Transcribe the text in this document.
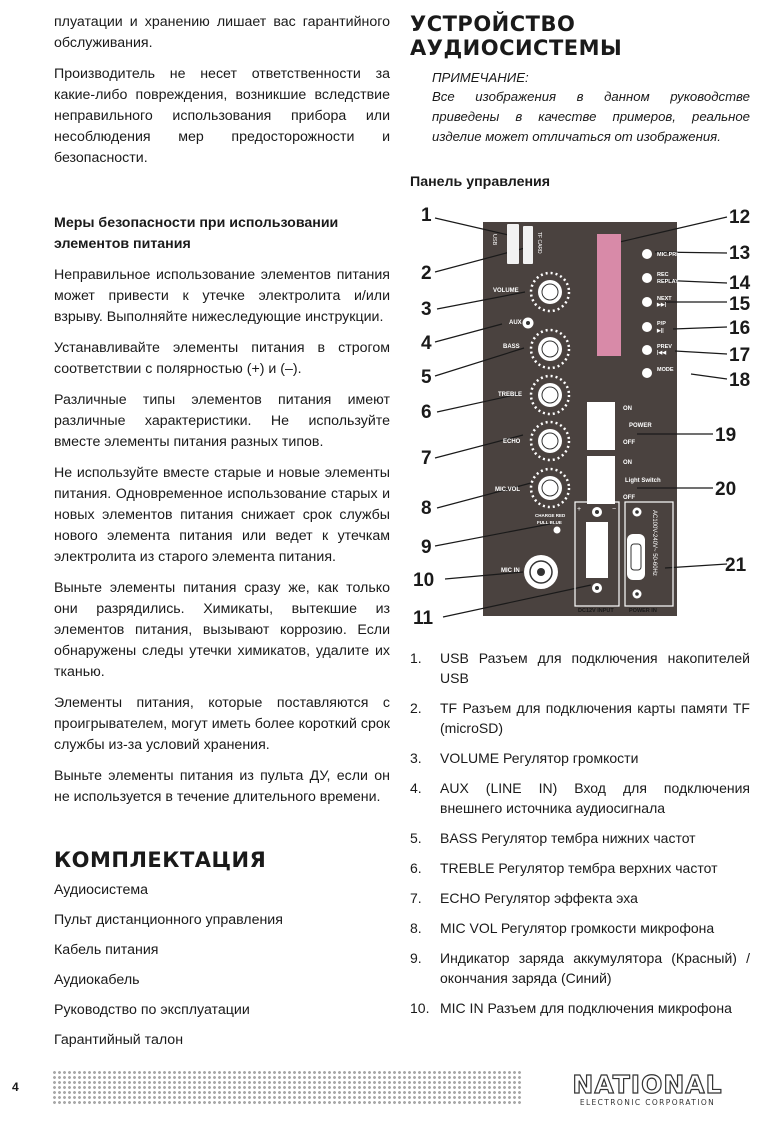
плуатации и хранению лишает вас гарантийного обслуживания.

Производитель не несет ответственности за какие-либо повреждения, возникшие вследствие неправильного использования прибора или несоблюдения мер предосторожности и безопасности.

Меры безопасности при использовании элементов питания

Неправильное использование элементов питания может привести к утечке электролита и/или взрыву. Выполняйте нижеследующие инструкции.

Устанавливайте элементы питания в строгом соответствии с полярностью (+) и (–).

Различные типы элементов питания имеют различные характеристики. Не используйте вместе элементы питания разных типов.

Не используйте вместе старые и новые элементы питания. Одновременное использование старых и новых элементов питания снижает срок службы нового элемента питания или ведет к утечкам электролита из старого элемента питания.

Выньте элементы питания сразу же, как только они разрядились. Химикаты, вытекшие из элементов питания, вызывают коррозию. Если обнаружены следы утечки химикатов, удалите их тканью.

Элементы питания, которые поставляются с проигрывателем, могут иметь более короткий срок службы из-за условий хранения.

Выньте элементы питания из пульта ДУ, если он не используется в течение длительного времени.

КОМПЛЕКТАЦИЯ
Аудиосистема
Пульт дистанционного управления
Кабель питания
Аудиокабель
Руководство по эксплуатации
Гарантийный талон
УСТРОЙСТВО АУДИОСИСТЕМЫ
ПРИМЕЧАНИЕ:
Все изображения в данном руководстве приведены в качестве примеров, реальное изделие может отличаться от изображения.
Панель управления
1
2
3
4
5
6
7
8
9
10
11
12
13
14
15
16
17
18
19
20
21
USB	TF CARD
VOLUME
AUX
BASS
TREBLE
ECHO
MIC.VOL
CHARGE RED
FULL BLUE
MIC IN
MIC.PRI
REC
REPLAY
NEXT
▶▶|
P/P
▶||
PREV
|◀◀
MODE
ON
POWER
OFF
ON
Light Switch
OFF
+	−
DC12V INPUT
AC100V-240V~ 50-60Hz
POWER IN
1.	USB Разъем для подключения накопителей USB
2.	TF Разъем для подключения карты памяти TF (microSD)
3.	VOLUME Регулятор громкости
4.	AUX (LINE IN) Вход для подключения внешнего источника аудиосигнала
5.	BASS Регулятор тембра нижних частот
6.	TREBLE Регулятор тембра верхних частот
7.	ECHO Регулятор эффекта эха
8.	MIC VOL Регулятор громкости микрофона
9.	Индикатор заряда аккумулятора (Красный) / окончания заряда (Синий)
10. MIC IN Разъем для подключения микрофона
4	NATIONAL
ELECTRONIC CORPORATION
